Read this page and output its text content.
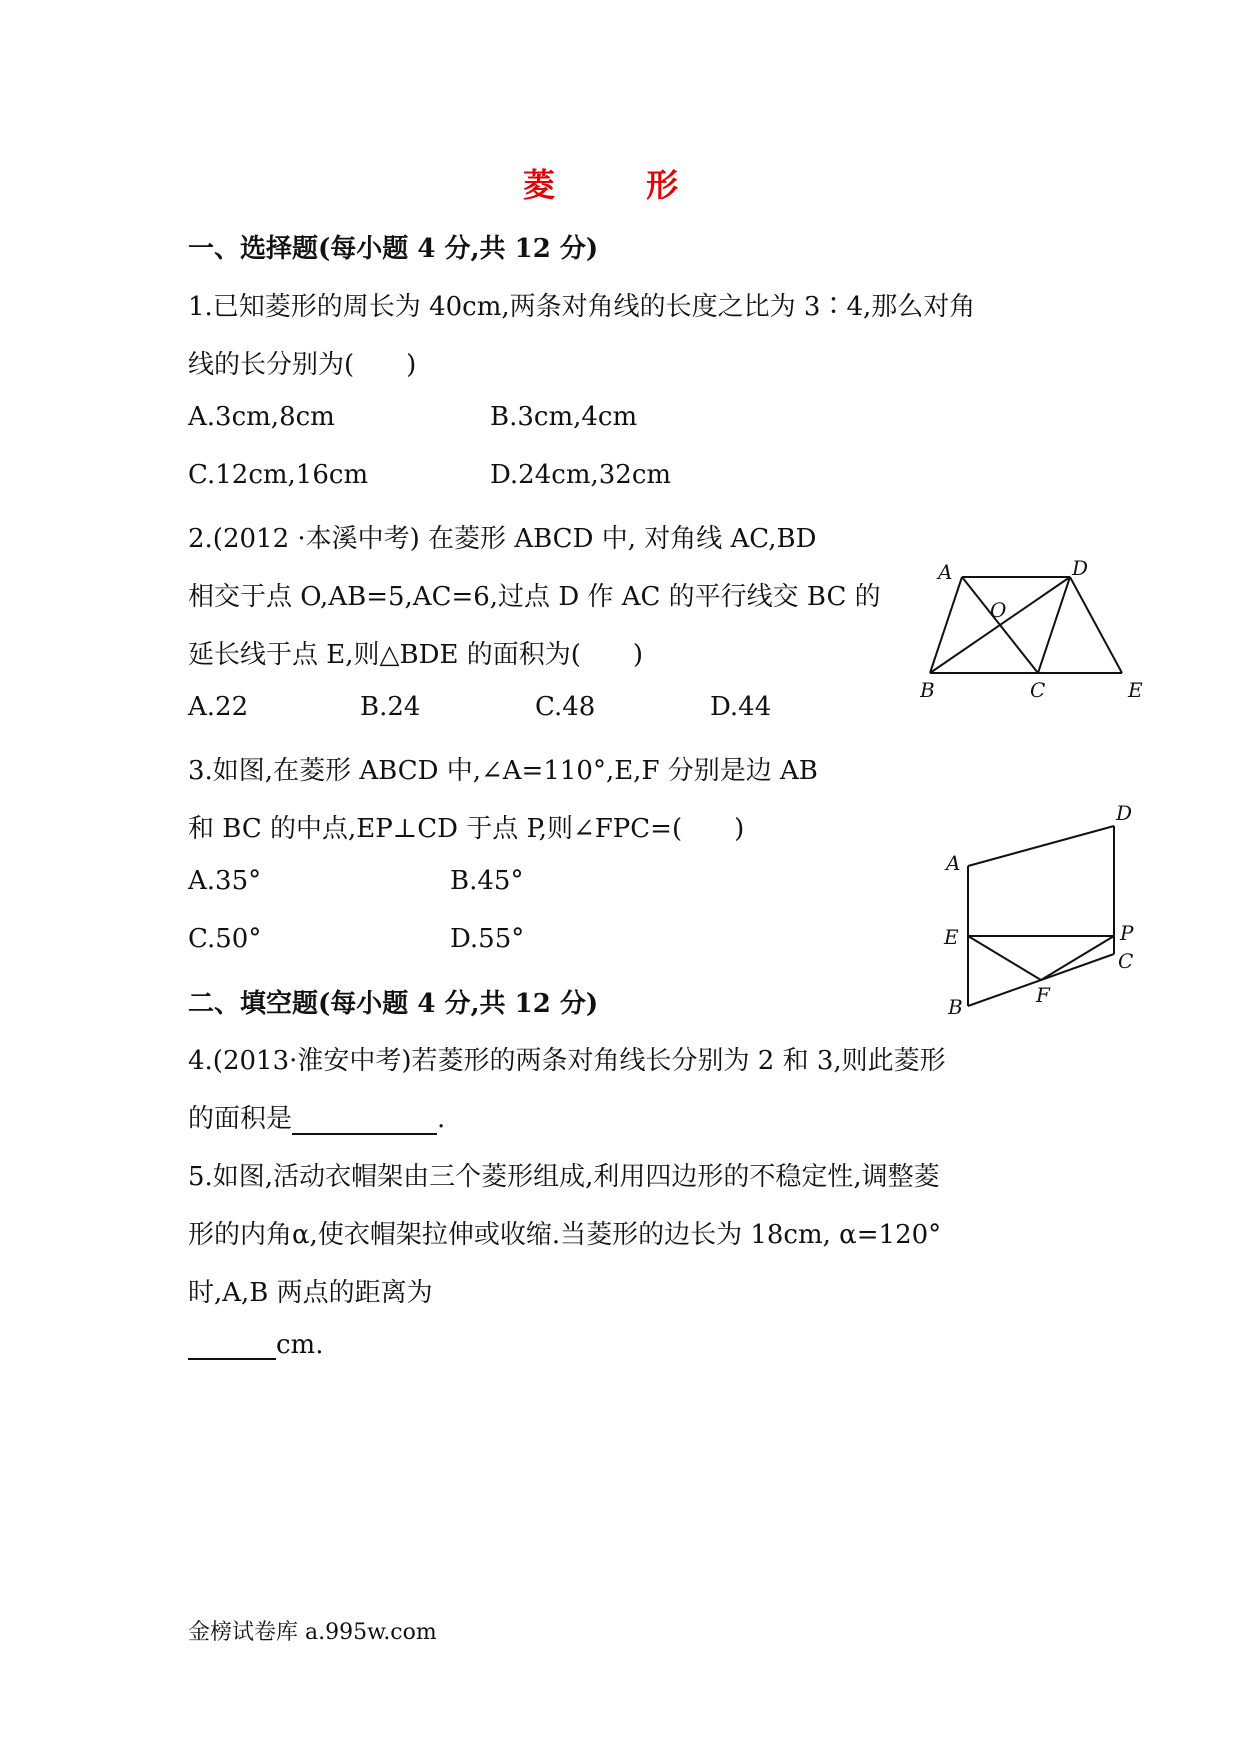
菱 形
一、选择题(每小题 4 分,共 12 分)
1.已知菱形的周长为 40cm,两条对角线的长度之比为 3∶4,那么对角
线的长分别为(　　)
A.3cm,8cm	B.3cm,4cm
C.12cm,16cm	D.24cm,32cm
2.(2012 ·本溪中考) 在菱形 ABCD 中, 对角线 AC,BD
相交于点 O,AB=5,AC=6,过点 D 作 AC 的平行线交 BC 的
延长线于点 E,则△BDE 的面积为(　　)
A.22	B.24	C.48	D.44
A	D
O
B	C	E
3.如图,在菱形 ABCD 中,∠A=110°,E,F 分别是边 AB
和 BC 的中点,EP⊥CD 于点 P,则∠FPC=(　　)
A.35°	B.45°
C.50°	D.55°
A
D
E	P
C
F
B
二、填空题(每小题 4 分,共 12 分)
4.(2013·淮安中考)若菱形的两条对角线长分别为 2 和 3,则此菱形
的面积是	.
5.如图,活动衣帽架由三个菱形组成,利用四边形的不稳定性,调整菱
形的内角α,使衣帽架拉伸或收缩.当菱形的边长为 18cm, α=120°
时,A,B 两点的距离为
cm.
金榜试卷库 a.995w.com
